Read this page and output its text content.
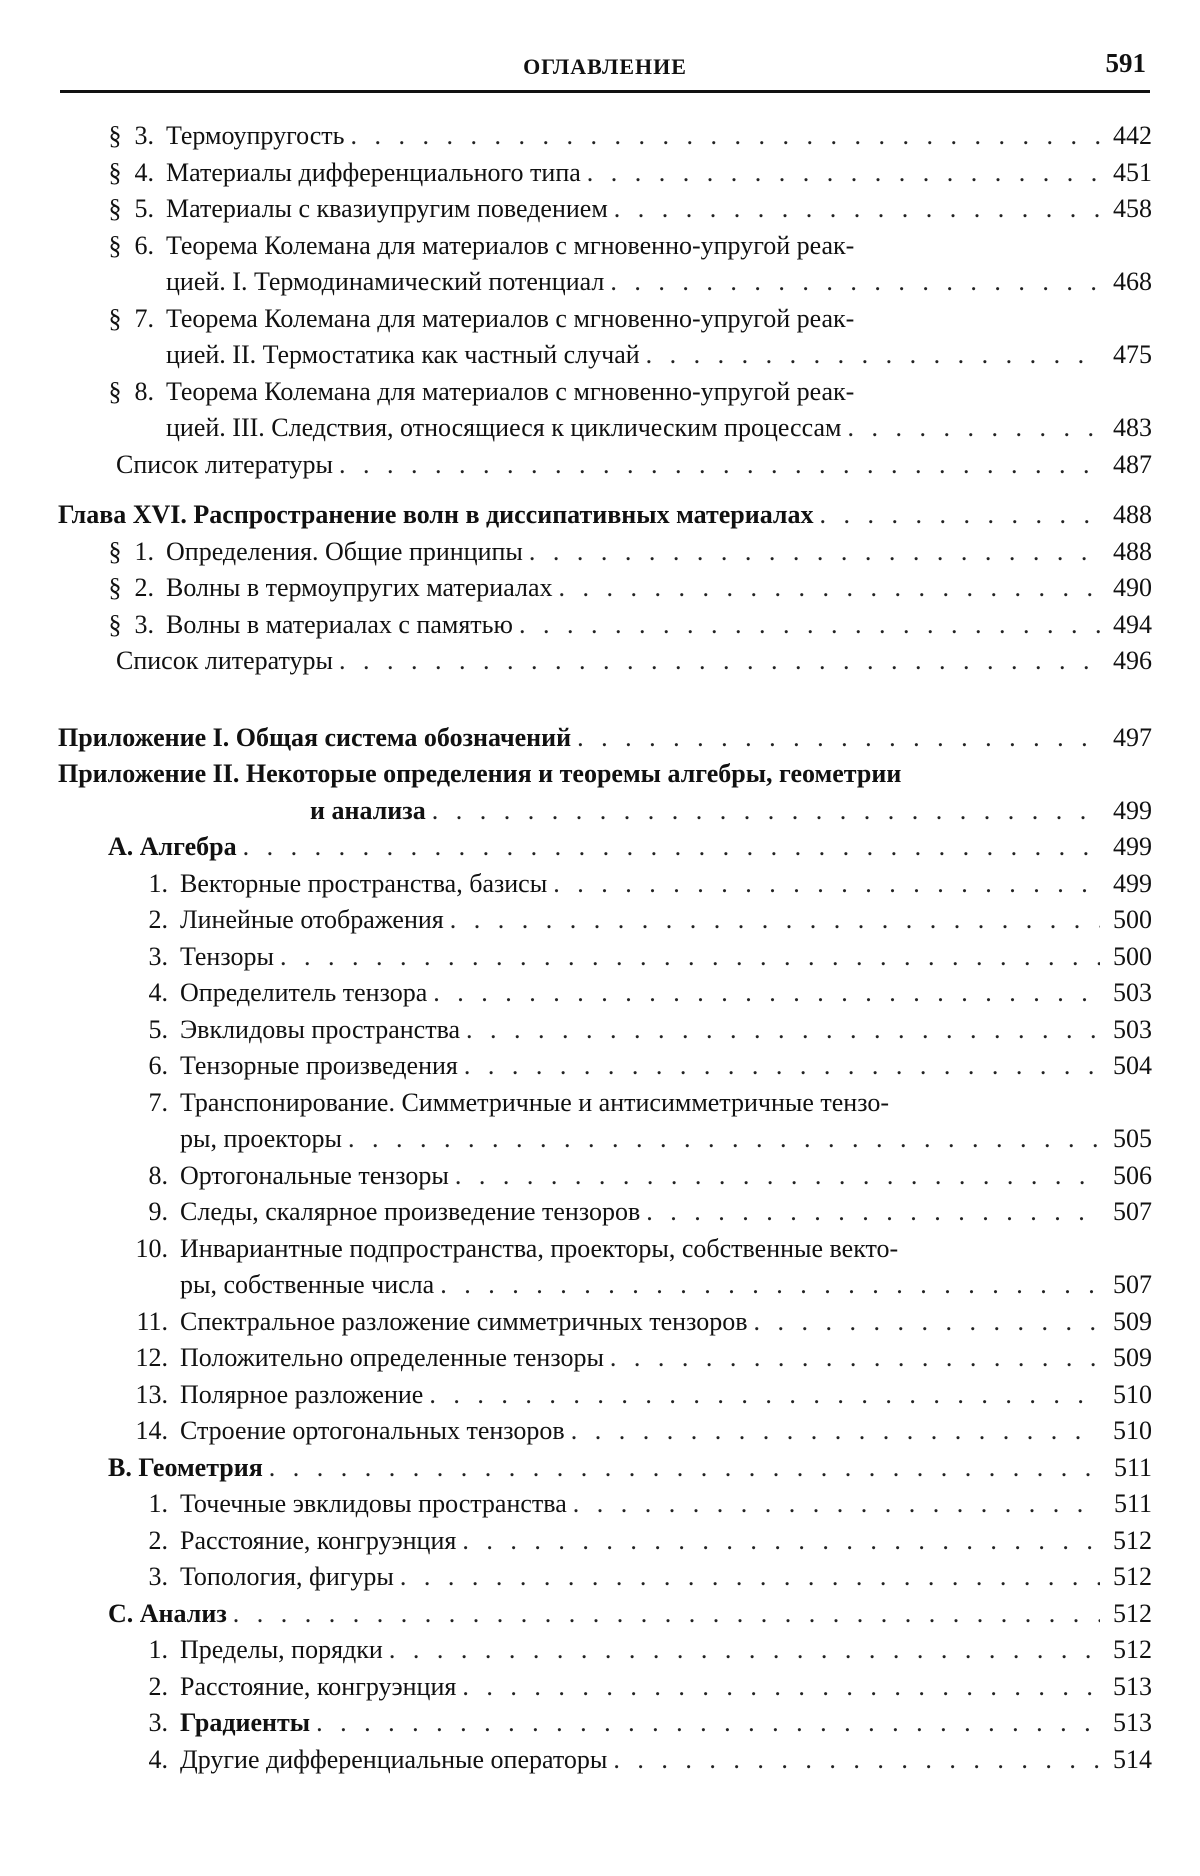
ОГЛАВЛЕНИЕ	591
§ 3. Термоупругость . . .	442
§ 4. Материалы дифференциального типа . . .	451
§ 5. Материалы с квазиупругим поведением . . .	458
§ 6. Теорема Колемана для материалов с мгновенно-упругой реак-
цией. I. Термодинамический потенциал . . .	468
§ 7. Теорема Колемана для материалов с мгновенно-упругой реак-
цией. II. Термостатика как частный случай . . .	475
§ 8. Теорема Колемана для материалов с мгновенно-упругой реак-
цией. III. Следствия, относящиеся к циклическим процессам . . .	483
Список литературы . . .	487
Глава XVI. Распространение волн в диссипативных материалах . . .	488
§ 1. Определения. Общие принципы . . .	488
§ 2. Волны в термоупругих материалах . . .	490
§ 3. Волны в материалах с памятью . . .	494
Список литературы . . .	496
Приложение I. Общая система обозначений . . .	497
Приложение II. Некоторые определения и теоремы алгебры, геометрии
и анализа . . .	499
A. Алгебра . . .	499
1. Векторные пространства, базисы . . .	499
2. Линейные отображения . . .	500
3. Тензоры . . .	500
4. Определитель тензора . . .	503
5. Эвклидовы пространства . . .	503
6. Тензорные произведения . . .	504
7. Транспонирование. Симметричные и антисимметричные тензо-
ры, проекторы . . .	505
8. Ортогональные тензоры . . .	506
9. Следы, скалярное произведение тензоров . . .	507
10. Инвариантные подпространства, проекторы, собственные векто-
ры, собственные числа . . .	507
11. Спектральное разложение симметричных тензоров . . .	509
12. Положительно определенные тензоры . . .	509
13. Полярное разложение . . .	510
14. Строение ортогональных тензоров . . .	510
B. Геометрия . . .	511
1. Точечные эвклидовы пространства . . .	511
2. Расстояние, конгруэнция . . .	512
3. Топология, фигуры . . .	512
C. Анализ . . .	512
1. Пределы, порядки . . .	512
2. Расстояние, конгруэнция . . .	513
3. Градиенты . . .	513
4. Другие дифференциальные операторы . . .	514
